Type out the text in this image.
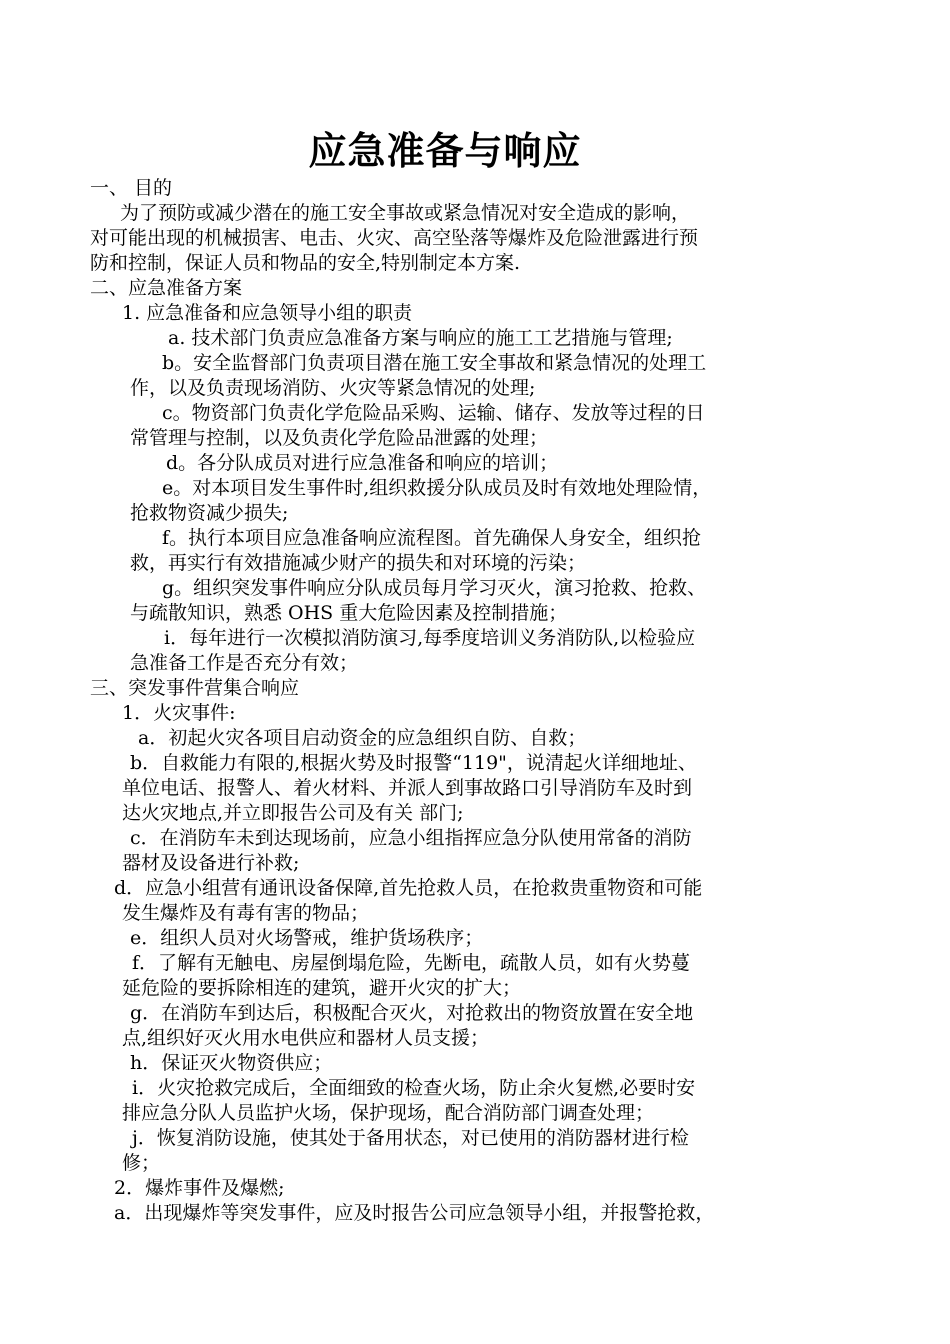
应急准备与响应
一、 目的
为了预防或减少潜在的施工安全事故或紧急情况对安全造成的影响，
对可能出现的机械损害、电击、火灾、高空坠落等爆炸及危险泄露进行预
防和控制，保证人员和物品的安全,特别制定本方案.
二、应急准备方案
1. 应急准备和应急领导小组的职责
a. 技术部门负责应急准备方案与响应的施工工艺措施与管理;
b。安全监督部门负责项目潜在施工安全事故和紧急情况的处理工
作，以及负责现场消防、火灾等紧急情况的处理;
c。物资部门负责化学危险品采购、运输、储存、发放等过程的日
常管理与控制，以及负责化学危险品泄露的处理；
d。各分队成员对进行应急准备和响应的培训；
e。对本项目发生事件时,组织救援分队成员及时有效地处理险情，
抢救物资减少损失;
f。执行本项目应急准备响应流程图。首先确保人身安全，组织抢
救，再实行有效措施减少财产的损失和对环境的污染；
g。组织突发事件响应分队成员每月学习灭火，演习抢救、抢救、
与疏散知识，熟悉 OHS 重大危险因素及控制措施；
i．每年进行一次模拟消防演习,每季度培训义务消防队,以检验应
急准备工作是否充分有效；
三、突发事件营集合响应
1．火灾事件:
a．初起火灾各项目启动资金的应急组织自防、自救；
b．自救能力有限的,根据火势及时报警“119"，说清起火详细地址、
单位电话、报警人、着火材料、并派人到事故路口引导消防车及时到
达火灾地点,并立即报告公司及有关 部门;
c．在消防车未到达现场前，应急小组指挥应急分队使用常备的消防
器材及设备进行补救;
d．应急小组营有通讯设备保障,首先抢救人员，在抢救贵重物资和可能
发生爆炸及有毒有害的物品；
e．组织人员对火场警戒，维护货场秩序；
f．了解有无触电、房屋倒塌危险，先断电，疏散人员，如有火势蔓
延危险的要拆除相连的建筑，避开火灾的扩大；
g．在消防车到达后，积极配合灭火，对抢救出的物资放置在安全地
点,组织好灭火用水电供应和器材人员支援；
h．保证灭火物资供应；
i．火灾抢救完成后，全面细致的检查火场，防止余火复燃,必要时安
排应急分队人员监护火场，保护现场，配合消防部门调查处理；
j．恢复消防设施，使其处于备用状态，对已使用的消防器材进行检
修；
2．爆炸事件及爆燃;
a．出现爆炸等突发事件，应及时报告公司应急领导小组，并报警抢救，
